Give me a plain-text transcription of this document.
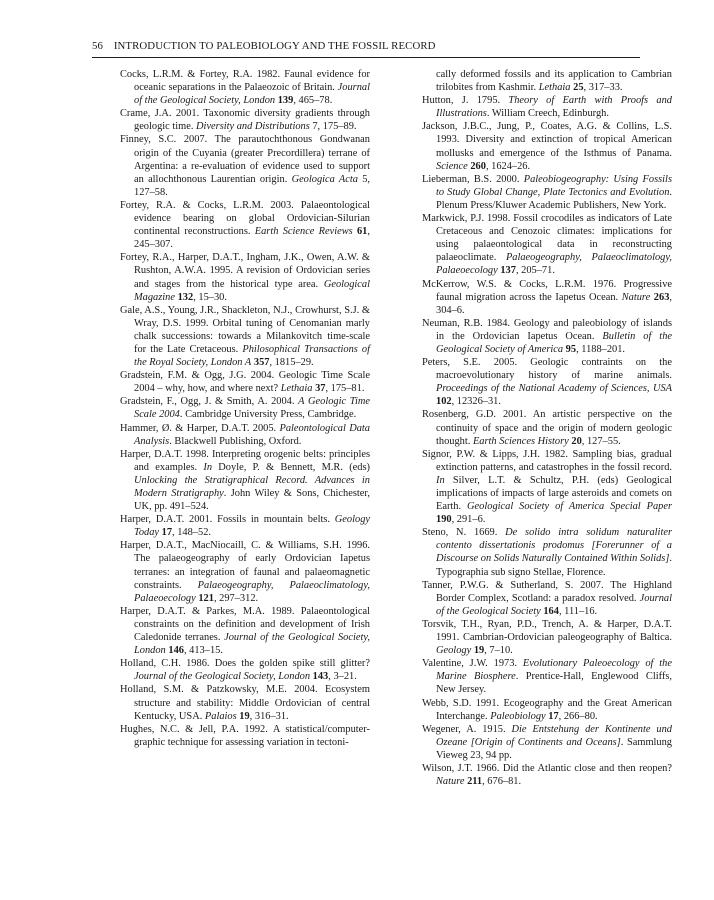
56 INTRODUCTION TO PALEOBIOLOGY AND THE FOSSIL RECORD

Cocks, L.R.M. & Fortey, R.A. 1982. Faunal evidence for oceanic separations in the Palaeozoic of Britain. Journal of the Geological Society, London 139, 465–78.

Crame, J.A. 2001. Taxonomic diversity gradients through geologic time. Diversity and Distributions 7, 175–89.

Finney, S.C. 2007. The parautochthonous Gondwanan origin of the Cuyania (greater Precordillera) terrane of Argentina: a re-evaluation of evidence used to support an allochthonous Laurentian origin. Geologica Acta 5, 127–58.

Fortey, R.A. & Cocks, L.R.M. 2003. Palaeontological evidence bearing on global Ordovician-Silurian continental reconstructions. Earth Science Reviews 61, 245–307.

Fortey, R.A., Harper, D.A.T., Ingham, J.K., Owen, A.W. & Rushton, A.W.A. 1995. A revision of Ordovician series and stages from the historical type area. Geological Magazine 132, 15–30.

Gale, A.S., Young, J.R., Shackleton, N.J., Crowhurst, S.J. & Wray, D.S. 1999. Orbital tuning of Cenomanian marly chalk successions: towards a Milankovitch time-scale for the Late Cretaceous. Philosophical Transactions of the Royal Society, London A 357, 1815–29.

Gradstein, F.M. & Ogg, J.G. 2004. Geologic Time Scale 2004 – why, how, and where next? Lethaia 37, 175–81.

Gradstein, F., Ogg, J. & Smith, A. 2004. A Geologic Time Scale 2004. Cambridge University Press, Cambridge.

Hammer, Ø. & Harper, D.A.T. 2005. Paleontological Data Analysis. Blackwell Publishing, Oxford.

Harper, D.A.T. 1998. Interpreting orogenic belts: principles and examples. In Doyle, P. & Bennett, M.R. (eds) Unlocking the Stratigraphical Record. Advances in Modern Stratigraphy. John Wiley & Sons, Chichester, UK, pp. 491–524.

Harper, D.A.T. 2001. Fossils in mountain belts. Geology Today 17, 148–52.

Harper, D.A.T., MacNiocaill, C. & Williams, S.H. 1996. The palaeogeography of early Ordovician Iapetus terranes: an integration of faunal and palaeomagnetic constraints. Palaeogeography, Palaeoclimatology, Palaeoecology 121, 297–312.

Harper, D.A.T. & Parkes, M.A. 1989. Palaeontological constraints on the definition and development of Irish Caledonide terranes. Journal of the Geological Society, London 146, 413–15.

Holland, C.H. 1986. Does the golden spike still glitter? Journal of the Geological Society, London 143, 3–21.

Holland, S.M. & Patzkowsky, M.E. 2004. Ecosystem structure and stability: Middle Ordovician of central Kentucky, USA. Palaios 19, 316–31.

Hughes, N.C. & Jell, P.A. 1992. A statistical/computer-graphic technique for assessing variation in tectoni-

cally deformed fossils and its application to Cambrian trilobites from Kashmir. Lethaia 25, 317–33.

Hutton, J. 1795. Theory of Earth with Proofs and Illustrations. William Creech, Edinburgh.

Jackson, J.B.C., Jung, P., Coates, A.G. & Collins, L.S. 1993. Diversity and extinction of tropical American mollusks and emergence of the Isthmus of Panama. Science 260, 1624–26.

Lieberman, B.S. 2000. Paleobiogeography: Using Fossils to Study Global Change, Plate Tectonics and Evolution. Plenum Press/Kluwer Academic Publishers, New York.

Markwick, P.J. 1998. Fossil crocodiles as indicators of Late Cretaceous and Cenozoic climates: implications for using palaeontological data in reconstructing palaeoclimate. Palaeogeography, Palaeoclimatology, Palaeoecology 137, 205–71.

McKerrow, W.S. & Cocks, L.R.M. 1976. Progressive faunal migration across the Iapetus Ocean. Nature 263, 304–6.

Neuman, R.B. 1984. Geology and paleobiology of islands in the Ordovician Iapetus Ocean. Bulletin of the Geological Society of America 95, 1188–201.

Peters, S.E. 2005. Geologic contraints on the macroevolutionary history of marine animals. Proceedings of the National Academy of Sciences, USA 102, 12326–31.

Rosenberg, G.D. 2001. An artistic perspective on the continuity of space and the origin of modern geologic thought. Earth Sciences History 20, 127–55.

Signor, P.W. & Lipps, J.H. 1982. Sampling bias, gradual extinction patterns, and catastrophes in the fossil record. In Silver, L.T. & Schultz, P.H. (eds) Geological implications of impacts of large asteroids and comets on Earth. Geological Society of America Special Paper 190, 291–6.

Steno, N. 1669. De solido intra solidum naturaliter contento dissertationis prodomus [Forerunner of a Discourse on Solids Naturally Contained Within Solids]. Typographia sub signo Stellae, Florence.

Tanner, P.W.G. & Sutherland, S. 2007. The Highland Border Complex, Scotland: a paradox resolved. Journal of the Geological Society 164, 111–16.

Torsvik, T.H., Ryan, P.D., Trench, A. & Harper, D.A.T. 1991. Cambrian-Ordovician paleogeography of Baltica. Geology 19, 7–10.

Valentine, J.W. 1973. Evolutionary Paleoecology of the Marine Biosphere. Prentice-Hall, Englewood Cliffs, New Jersey.

Webb, S.D. 1991. Ecogeography and the Great American Interchange. Paleobiology 17, 266–80.

Wegener, A. 1915. Die Entstehung der Kontinente und Ozeane [Origin of Continents and Oceans]. Sammlung Vieweg 23, 94 pp.

Wilson, J.T. 1966. Did the Atlantic close and then reopen? Nature 211, 676–81.
